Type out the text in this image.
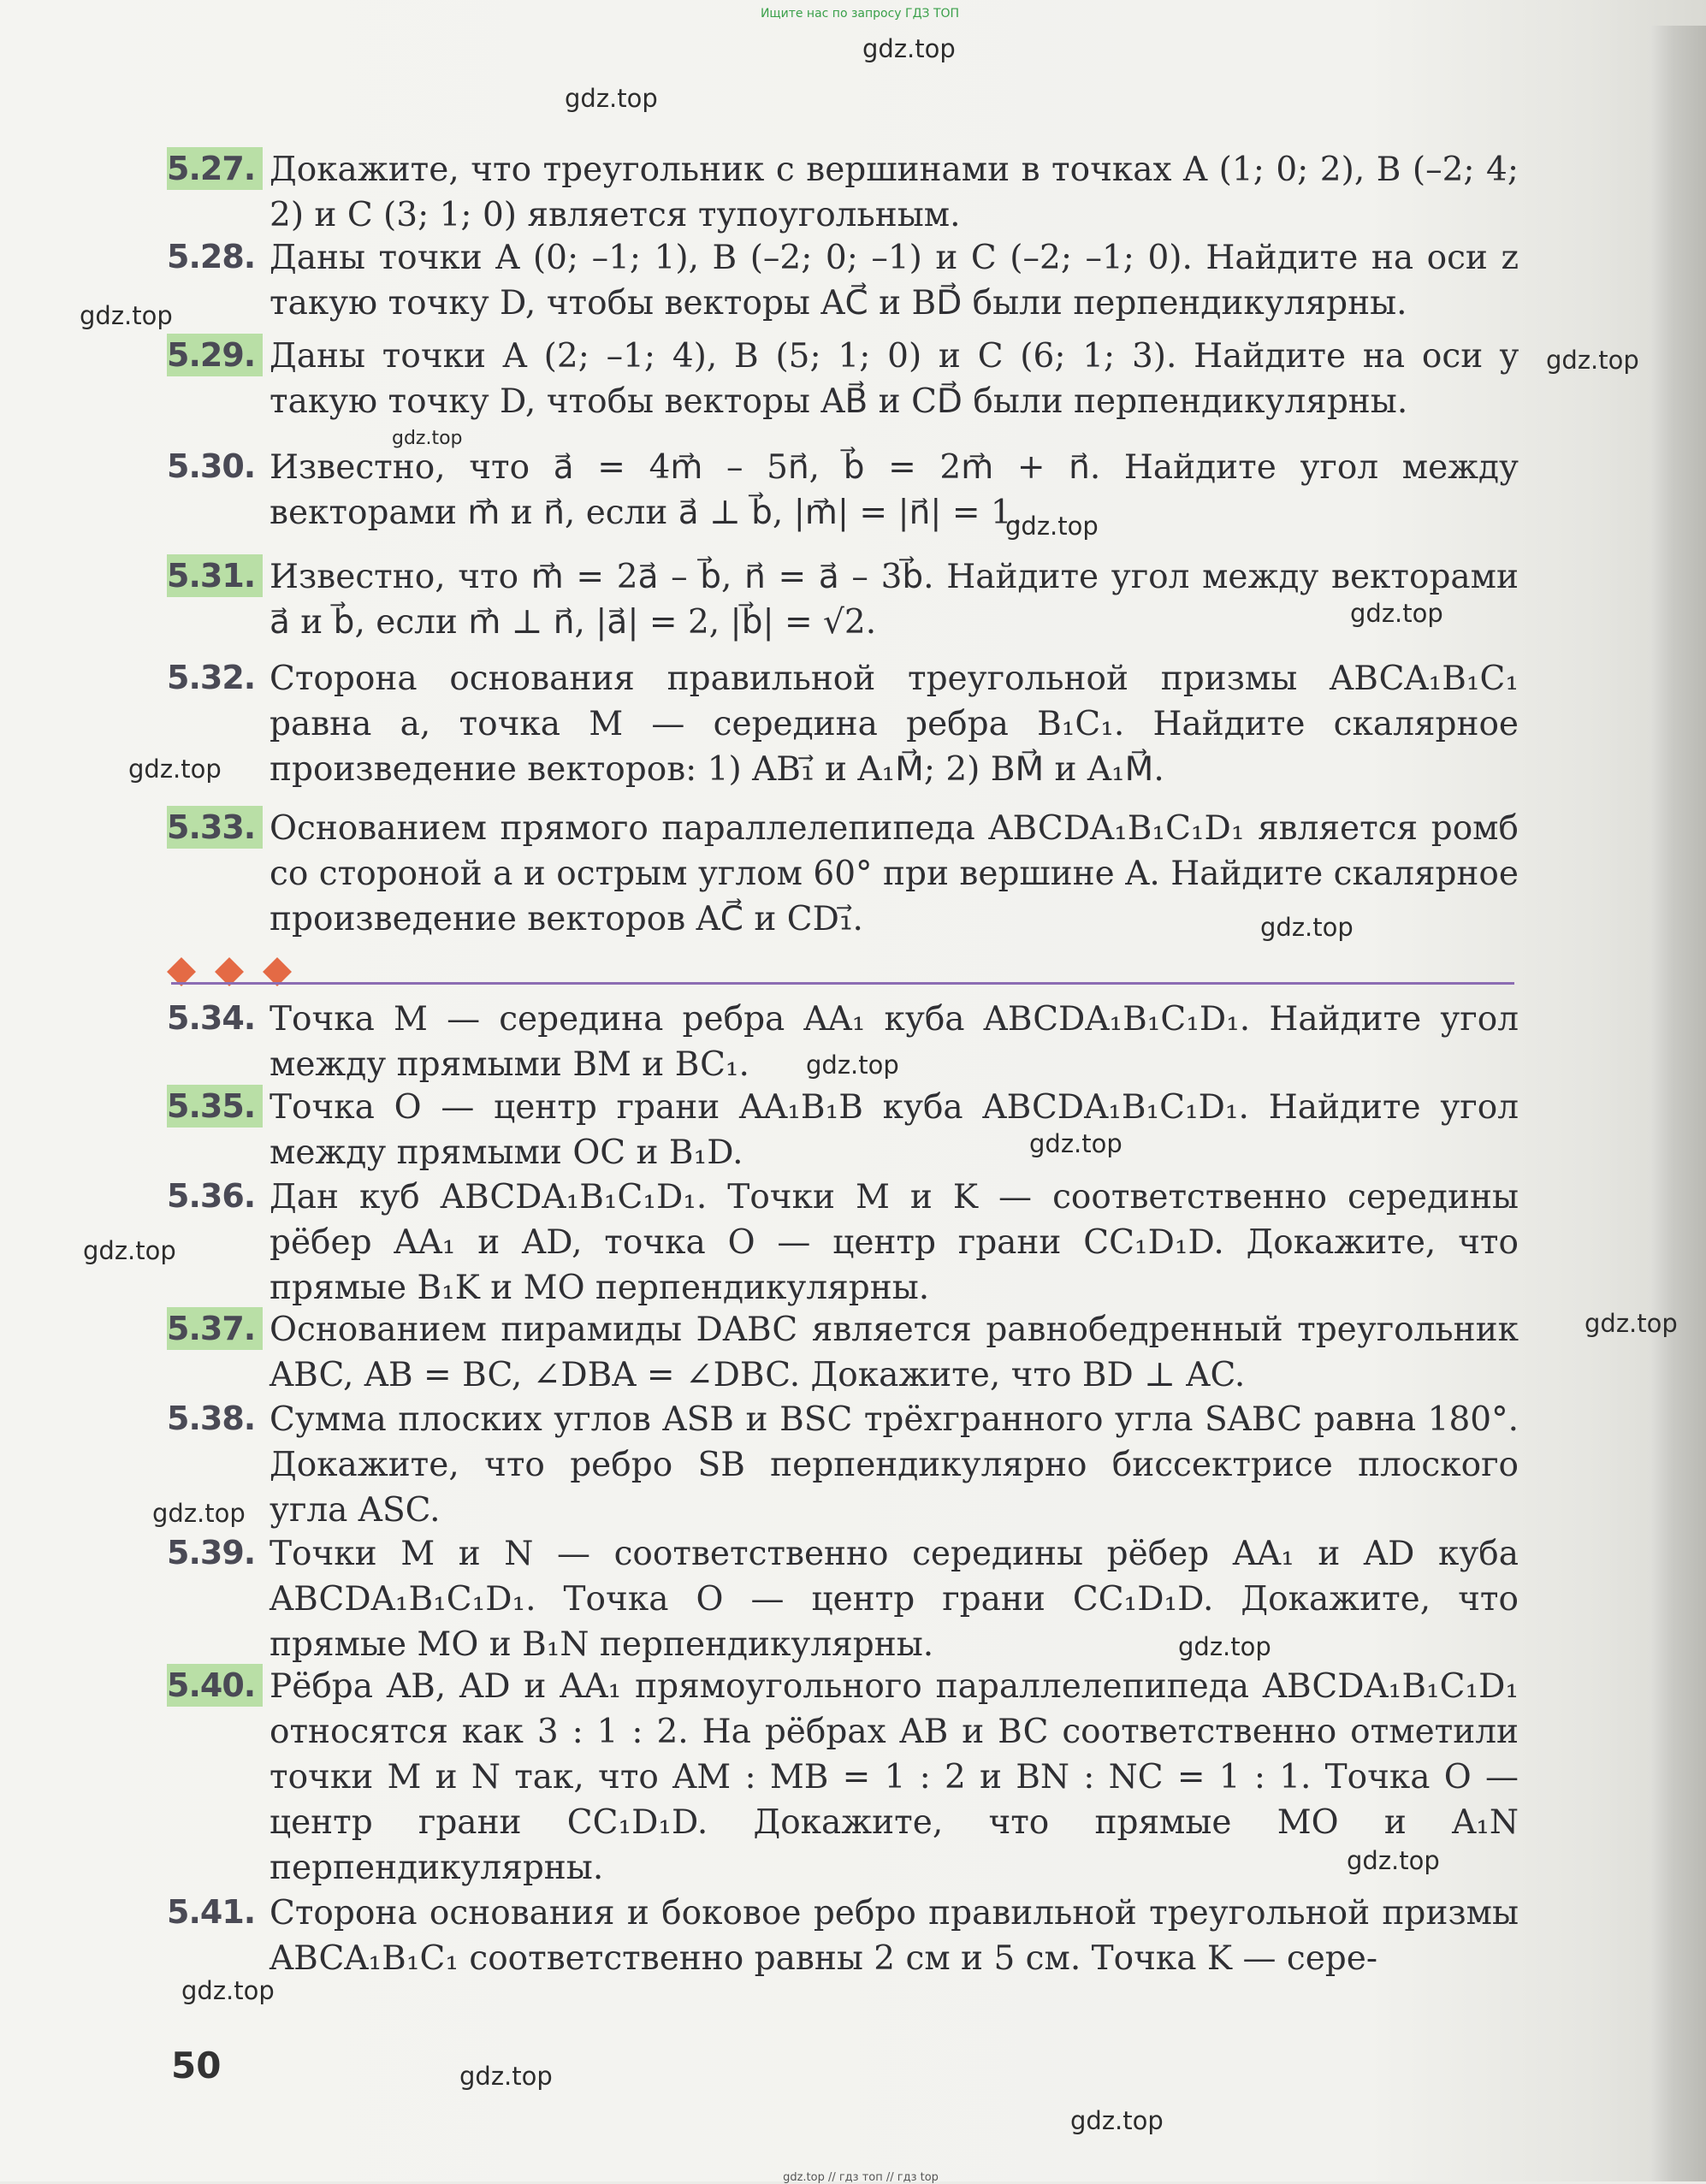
Ищите нас по запросу ГДЗ ТОП
gdz.top
gdz.top
gdz.top
gdz.top
gdz.top
gdz.top
gdz.top
gdz.top
gdz.top
gdz.top
gdz.top
gdz.top
gdz.top
gdz.top
gdz.top
gdz.top
gdz.top
gdz.top
gdz.top
5.27. Докажите, что треугольник с вершинами в точках A (1; 0; 2), B (–2; 4; 2) и C (3; 1; 0) является тупоугольным.
5.28. Даны точки A (0; –1; 1), B (–2; 0; –1) и C (–2; –1; 0). Найдите на оси z такую точку D, чтобы векторы AC⃗ и BD⃗ были перпендикулярны.
5.29. Даны точки A (2; –1; 4), B (5; 1; 0) и C (6; 1; 3). Найдите на оси y такую точку D, чтобы векторы AB⃗ и CD⃗ были перпендикулярны.
5.30. Известно, что a⃗ = 4m⃗ – 5n⃗, b⃗ = 2m⃗ + n⃗. Найдите угол между векторами m⃗ и n⃗, если a⃗ ⊥ b⃗, |m⃗| = |n⃗| = 1.
5.31. Известно, что m⃗ = 2a⃗ – b⃗, n⃗ = a⃗ – 3b⃗. Найдите угол между векторами a⃗ и b⃗, если m⃗ ⊥ n⃗, |a⃗| = 2, |b⃗| = √2.
5.32. Сторона основания правильной треугольной призмы ABCA₁B₁C₁ равна a, точка M — середина ребра B₁C₁. Найдите скалярное произведение векторов: 1) AB₁⃗ и A₁M⃗; 2) BM⃗ и A₁M⃗.
5.33. Основанием прямого параллелепипеда ABCDA₁B₁C₁D₁ является ромб со стороной a и острым углом 60° при вершине A. Найдите скалярное произведение векторов AC⃗ и CD₁⃗.
5.34. Точка M — середина ребра AA₁ куба ABCDA₁B₁C₁D₁. Найдите угол между прямыми BM и BC₁.
5.35. Точка O — центр грани AA₁B₁B куба ABCDA₁B₁C₁D₁. Найдите угол между прямыми OC и B₁D.
5.36. Дан куб ABCDA₁B₁C₁D₁. Точки M и K — соответственно середины рёбер AA₁ и AD, точка O — центр грани CC₁D₁D. Докажите, что прямые B₁K и MO перпендикулярны.
5.37. Основанием пирамиды DABC является равнобедренный треугольник ABC, AB = BC, ∠DBA = ∠DBC. Докажите, что BD ⊥ AC.
5.38. Сумма плоских углов ASB и BSC трёхгранного угла SABC равна 180°. Докажите, что ребро SB перпендикулярно биссектрисе плоского угла ASC.
5.39. Точки M и N — соответственно середины рёбер AA₁ и AD куба ABCDA₁B₁C₁D₁. Точка O — центр грани CC₁D₁D. Докажите, что прямые MO и B₁N перпендикулярны.
5.40. Рёбра AB, AD и AA₁ прямоугольного параллелепипеда ABCDA₁B₁C₁D₁ относятся как 3 : 1 : 2. На рёбрах AB и BC соответственно отметили точки M и N так, что AM : MB = 1 : 2 и BN : NC = 1 : 1. Точка O — центр грани CC₁D₁D. Докажите, что прямые MO и A₁N перпендикулярны.
5.41. Сторона основания и боковое ребро правильной треугольной призмы ABCA₁B₁C₁ соответственно равны 2 см и 5 см. Точка K — сере-
50
gdz.top // гдз топ // гдз top
